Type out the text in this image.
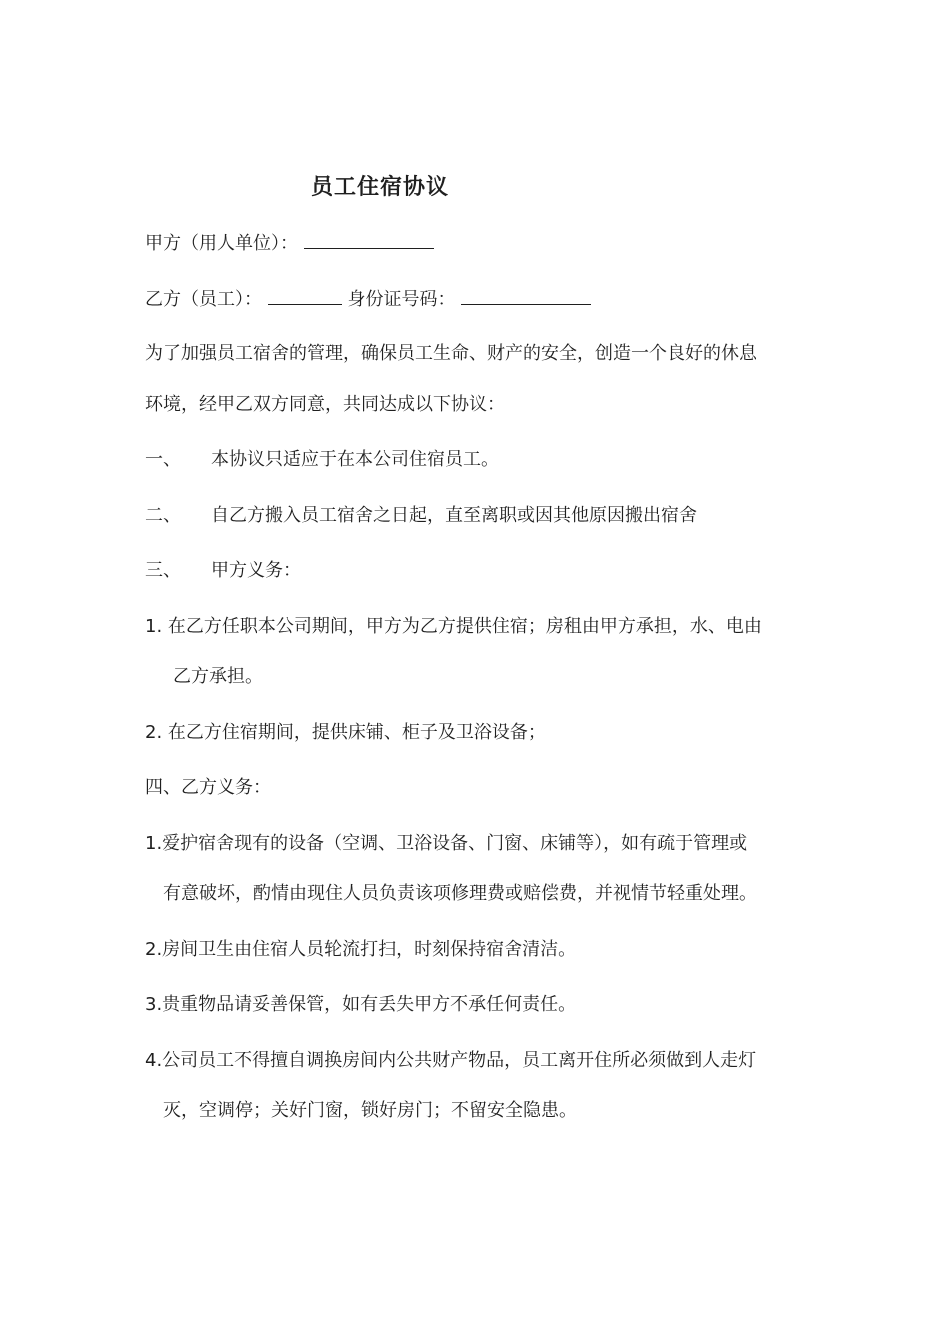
员工住宿协议
甲方（用人单位）：
乙方（员工）：	身份证号码：
为了加强员工宿舍的管理，确保员工生命、财产的安全，创造一个良好的休息
环境，经甲乙双方同意，共同达成以下协议：
一、 本协议只适应于在本公司住宿员工。
二、 自乙方搬入员工宿舍之日起，直至离职或因其他原因搬出宿舍
三、 甲方义务：
1. 在乙方任职本公司期间，甲方为乙方提供住宿；房租由甲方承担，水、电由
乙方承担。
2. 在乙方住宿期间，提供床铺、柜子及卫浴设备；
四、乙方义务：
1.爱护宿舍现有的设备（空调、卫浴设备、门窗、床铺等），如有疏于管理或
有意破坏，酌情由现住人员负责该项修理费或赔偿费，并视情节轻重处理。
2.房间卫生由住宿人员轮流打扫，时刻保持宿舍清洁。
3.贵重物品请妥善保管，如有丢失甲方不承任何责任。
4.公司员工不得擅自调换房间内公共财产物品，员工离开住所必须做到人走灯
灭，空调停；关好门窗，锁好房门；不留安全隐患。
